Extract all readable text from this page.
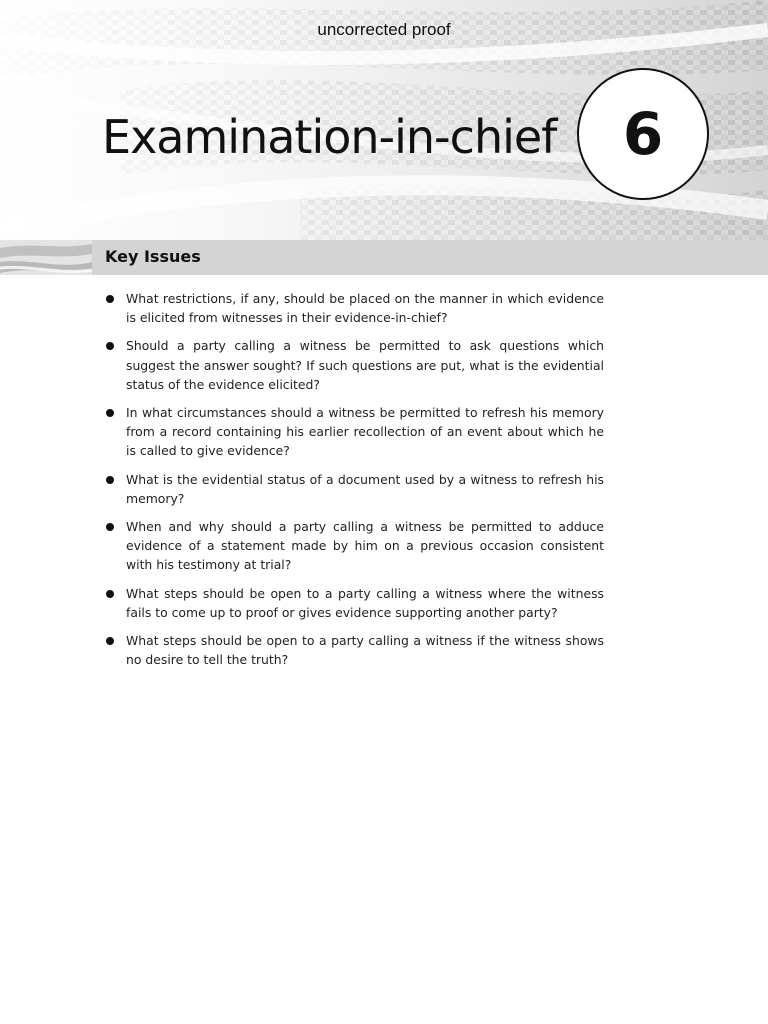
uncorrected proof
Examination-in-chief 6
Key Issues
What restrictions, if any, should be placed on the manner in which evidence is elicited from witnesses in their evidence-in-chief?
Should a party calling a witness be permitted to ask questions which suggest the answer sought? If such questions are put, what is the evidential status of the evidence elicited?
In what circumstances should a witness be permitted to refresh his memory from a record containing his earlier recollection of an event about which he is called to give evidence?
What is the evidential status of a document used by a witness to refresh his memory?
When and why should a party calling a witness be permitted to adduce evidence of a statement made by him on a previous occasion consistent with his testimony at trial?
What steps should be open to a party calling a witness where the witness fails to come up to proof or gives evidence supporting another party?
What steps should be open to a party calling a witness if the witness shows no desire to tell the truth?
